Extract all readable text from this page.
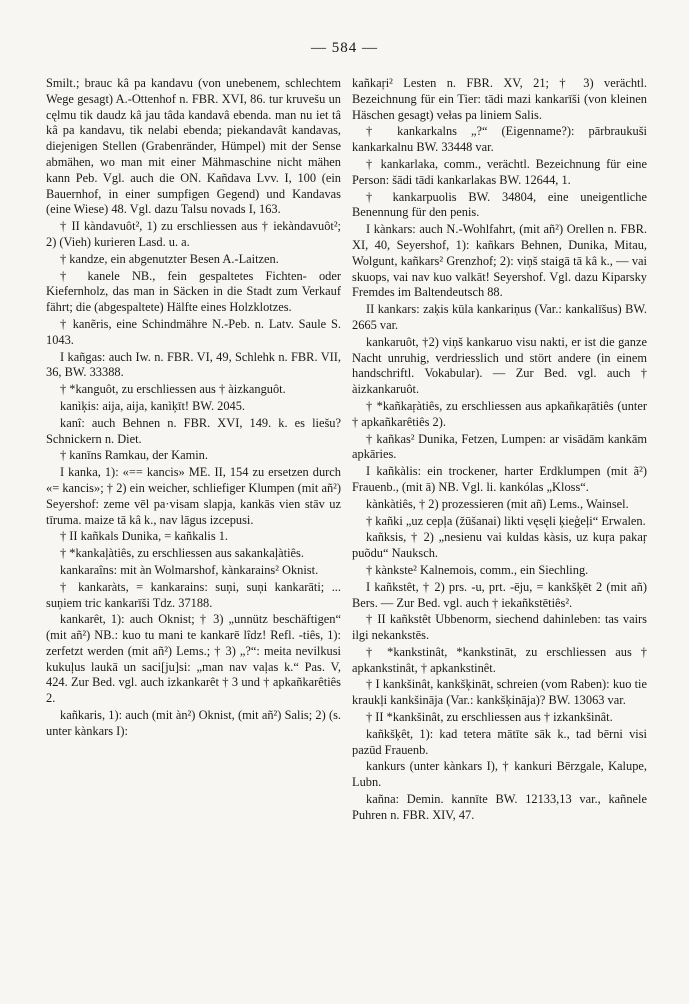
— 584 —

Smilt.; brauc kâ pa kandavu (von unebenem, schlechtem Wege gesagt) A.-Ottenhof n. FBR. XVI, 86. tur kruvešu un cęlmu tik daudz kâ jau tâda kandavâ ebenda. man nu iet tâ kâ pa kandavu, tik nelabi ebenda; piekandavât kandavas, diejenigen Stellen (Grabenränder, Hümpel) mit der Sense abmähen, wo man mit einer Mähmaschine nicht mähen kann Peb. Vgl. auch die ON. Kañdava Lvv. I, 100 (ein Bauernhof, in einer sumpfigen Gegend) und Kandavas (eine Wiese) 48. Vgl. dazu Talsu novads I, 163.

† II kàndavuôt², 1) zu erschliessen aus † iekàndavuôt²; 2) (Vieh) kurieren Lasd. u. a.

† kandze, ein abgenutzter Besen A.-Laitzen.

† kanele NB., fein gespaltetes Fichten- oder Kiefernholz, das man in Säcken in die Stadt zum Verkauf fährt; die (abgespaltete) Hälfte eines Holzklotzes.

† kanẽris, eine Schindmähre N.-Peb. n. Latv. Saule S. 1043.

I kañgas: auch Iw. n. FBR. VI, 49, Schlehk n. FBR. VII, 36, BW. 33388.

† *kanguôt, zu erschliessen aus † àizkanguôt.

kanìķis: aija, aija, kanìķīt! BW. 2045.

kanî: auch Behnen n. FBR. XVI, 149. k. es liešu? Schnickern n. Diet.

† kanīns Ramkau, der Kamin.

I kanka, 1): «== kancis» ME. II, 154 zu ersetzen durch «= kancis»; † 2) ein weicher, schliefiger Klumpen (mit añ²) Seyershof: zeme vēl pa·visam slapja, kankās vien stāv uz tīruma. maize tā kâ k., nav lāgus izcepusi.

† II kañkals Dunika, = kañkalis 1.

† *kankaļàtiês, zu erschliessen aus sakankaļàtiês.

kankaraîns: mit àn Wolmarshof, kànkarains² Oknist.

† kankaràts, = kankarains: suņi, suņi kankarāti; ... suņiem tric kankarīši Tdz. 37188.

kankarêt, 1): auch Oknist; † 3) „unnütz beschäftigen“ (mit añ²) NB.: kuo tu mani te kankarē lîdz! Refl. -tiês, 1): zerfetzt werden (mit añ²) Lems.; † 3) „?“: meita nevilkusi kukuļus laukā un saci[ju]si: „man nav vaļas k.“ Pas. V, 424. Zur Bed. vgl. auch izkankarêt † 3 und † apkañkarêtiês 2.

kañkaris, 1): auch (mit àn²) Oknist, (mit añ²) Salis; 2) (s. unter kànkars I):

kañkaŗi² Lesten n. FBR. XV, 21; † 3) verächtl. Bezeichnung für ein Tier: tādi mazi kankarīši (von kleinen Häschen gesagt) vełas pa liniem Salis.

† kankarkalns „?“ (Eigenname?): pārbraukuši kankarkalnu BW. 33448 var.

† kankarlaka, comm., verächtl. Bezeichnung für eine Person: šādi tādi kankarlakas BW. 12644, 1.

† kankarpuolis BW. 34804, eine uneigentliche Benennung für den penis.

I kànkars: auch N.-Wohlfahrt, (mit añ²) Orellen n. FBR. XI, 40, Seyershof, 1): kañkars Behnen, Dunika, Mitau, Wolgunt, kañkars² Grenzhof; 2): viņš staigā tā kâ k., — vai skuops, vai nav kuo valkāt! Seyershof. Vgl. dazu Kiparsky Fremdes im Baltendeutsch 88.

II kankars: zaķis kūla kankariņus (Var.: kankalīšus) BW. 2665 var.

kankaruôt, †2) viņš kankaruo visu nakti, er ist die ganze Nacht unruhig, verdriesslich und stört andere (in einem handschriftl. Vokabular). — Zur Bed. vgl. auch † àizkankaruôt.

† *kañkaŗàtiês, zu erschliessen aus apkañkaŗātiês (unter † apkañkarêtiês 2).

† kañkas² Dunika, Fetzen, Lumpen: ar visādām kankām apkāries.

I kañkàlis: ein trockener, harter Erdklumpen (mit ã²) Frauenb., (mit ā) NB. Vgl. li. kankólas „Kloss“.

kànkàtiês, † 2) prozessieren (mit añ) Lems., Wainsel.

† kañki „uz cepļa (žūšanai) likti vęsęli ķieģeļi“ Erwalen.

kañksis, † 2) „nesienu vai kuldas kàsis, uz kuŗa pakaŗ puõdu“ Nauksch.

† kànkste² Kalnemois, comm., ein Siechling.

I kañkstêt, † 2) prs. -u, prt. -ēju, = kankšķēt 2 (mit añ) Bers. — Zur Bed. vgl. auch † iekañkstētiês².

† II kañkstêt Ubbenorm, siechend dahinleben: tas vairs ilgi nekankstēs.

† *kankstinât, *kankstināt, zu erschliessen aus † apkankstinât, † apkankstinêt.

† I kankšinât, kankšķināt, schreien (vom Raben): kuo tie kraukļi kankšināja (Var.: kankšķināja)? BW. 13063 var.

† II *kankšinât, zu erschliessen aus † izkankšinât.

kañkšķêt, 1): kad tetera mātīte sāk k., tad bērni visi pazūd Frauenb.

kankurs (unter kànkars I), † kankuri Bērzgale, Kalupe, Lubn.

kañna: Demin. kannīte BW. 12133,13 var., kañnele Puhren n. FBR. XIV, 47.
